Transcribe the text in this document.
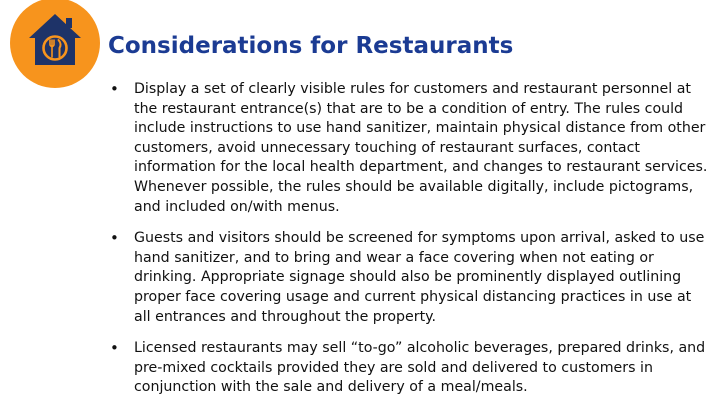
Considerations for Restaurants
• Display a set of clearly visible rules for customers and restaurant personnel at the restaurant entrance(s) that are to be a condition of entry. The rules could include instructions to use hand sanitizer, maintain physical distance from other customers, avoid unnecessary touching of restaurant surfaces, contact information for the local health department, and changes to restaurant services. Whenever possible, the rules should be available digitally, include pictograms, and included on/with menus.
• Guests and visitors should be screened for symptoms upon arrival, asked to use hand sanitizer, and to bring and wear a face covering when not eating or drinking. Appropriate signage should also be prominently displayed outlining proper face covering usage and current physical distancing practices in use at all entrances and throughout the property.
• Licensed restaurants may sell “to-go” alcoholic beverages, prepared drinks, and pre-mixed cocktails provided they are sold and delivered to customers in conjunction with the sale and delivery of a meal/meals.
